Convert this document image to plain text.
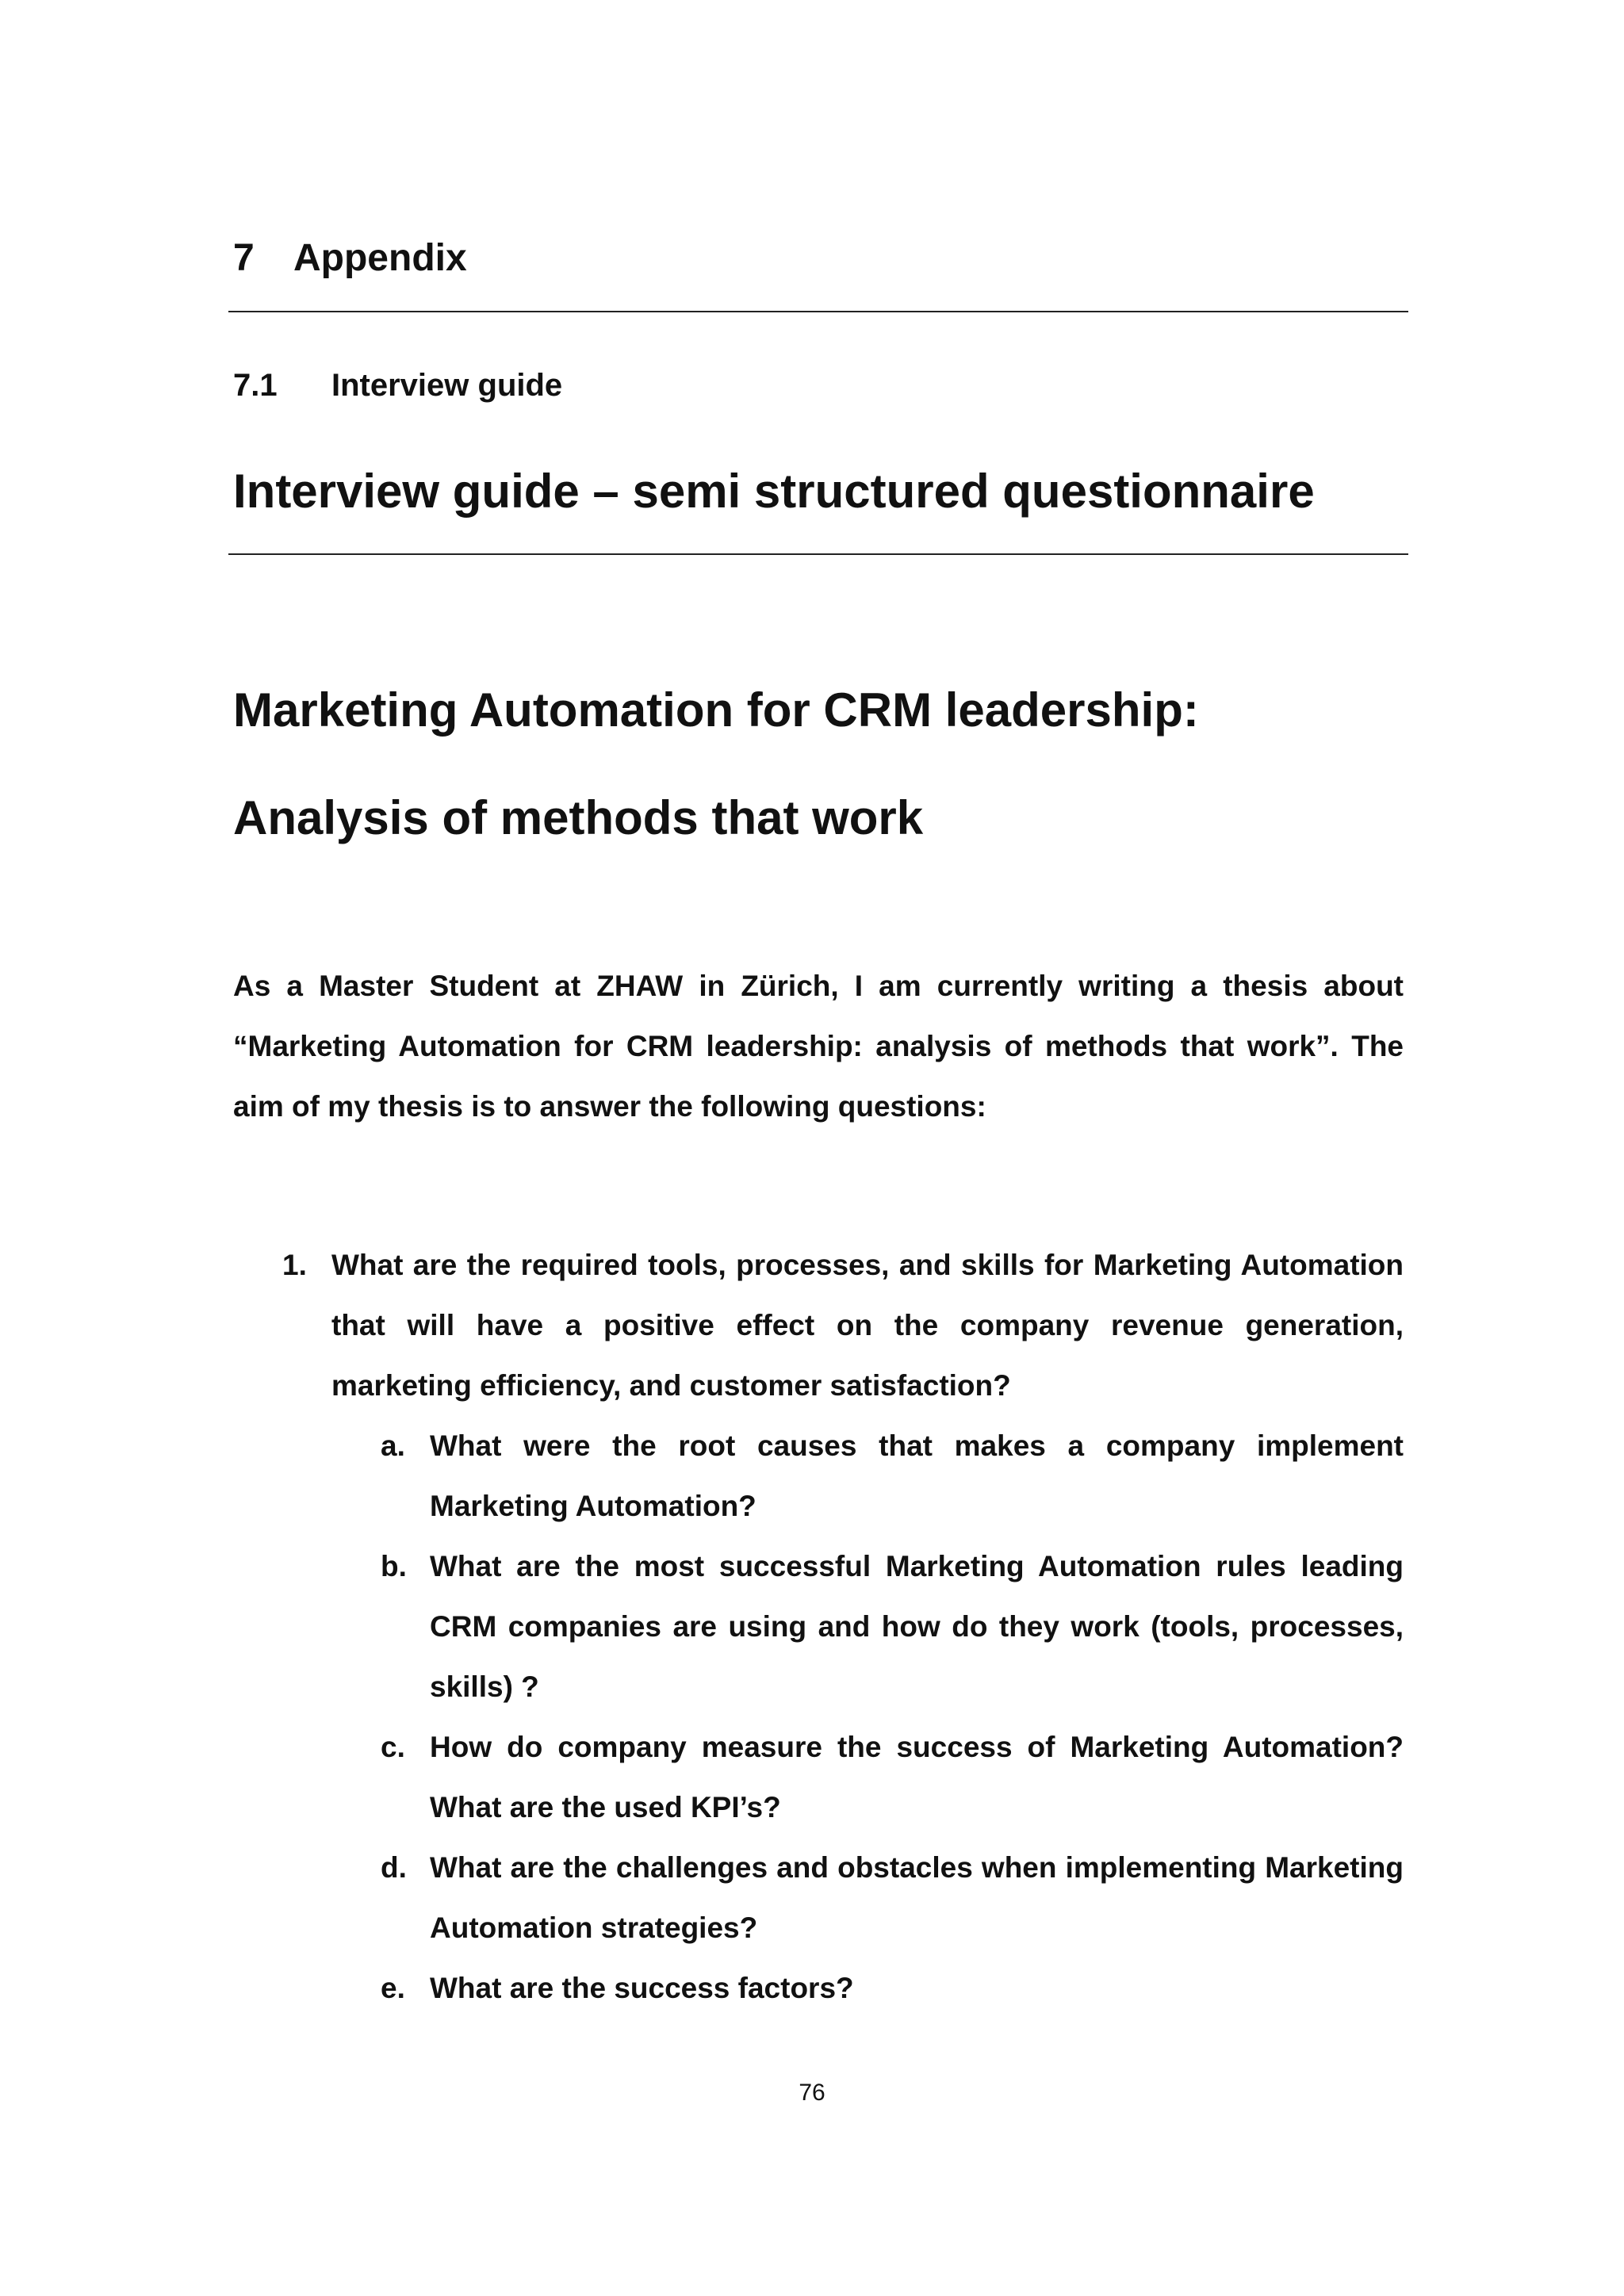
7 Appendix
7.1 Interview guide
Interview guide – semi structured questionnaire
Marketing Automation for CRM leadership:
Analysis of methods that work
As a Master Student at ZHAW in Zürich, I am currently writing a thesis about “Marketing Automation for CRM leadership: analysis of methods that work”. The aim of my thesis is to answer the following questions:
1. What are the required tools, processes, and skills for Marketing Automation that will have a positive effect on the company revenue generation, marketing efficiency, and customer satisfaction?
a. What were the root causes that makes a company implement Marketing Automation?
b. What are the most successful Marketing Automation rules leading CRM companies are using and how do they work (tools, processes, skills) ?
c. How do company measure the success of Marketing Automation? What are the used KPI’s?
d. What are the challenges and obstacles when implementing Marketing Automation strategies?
e. What are the success factors?
76
